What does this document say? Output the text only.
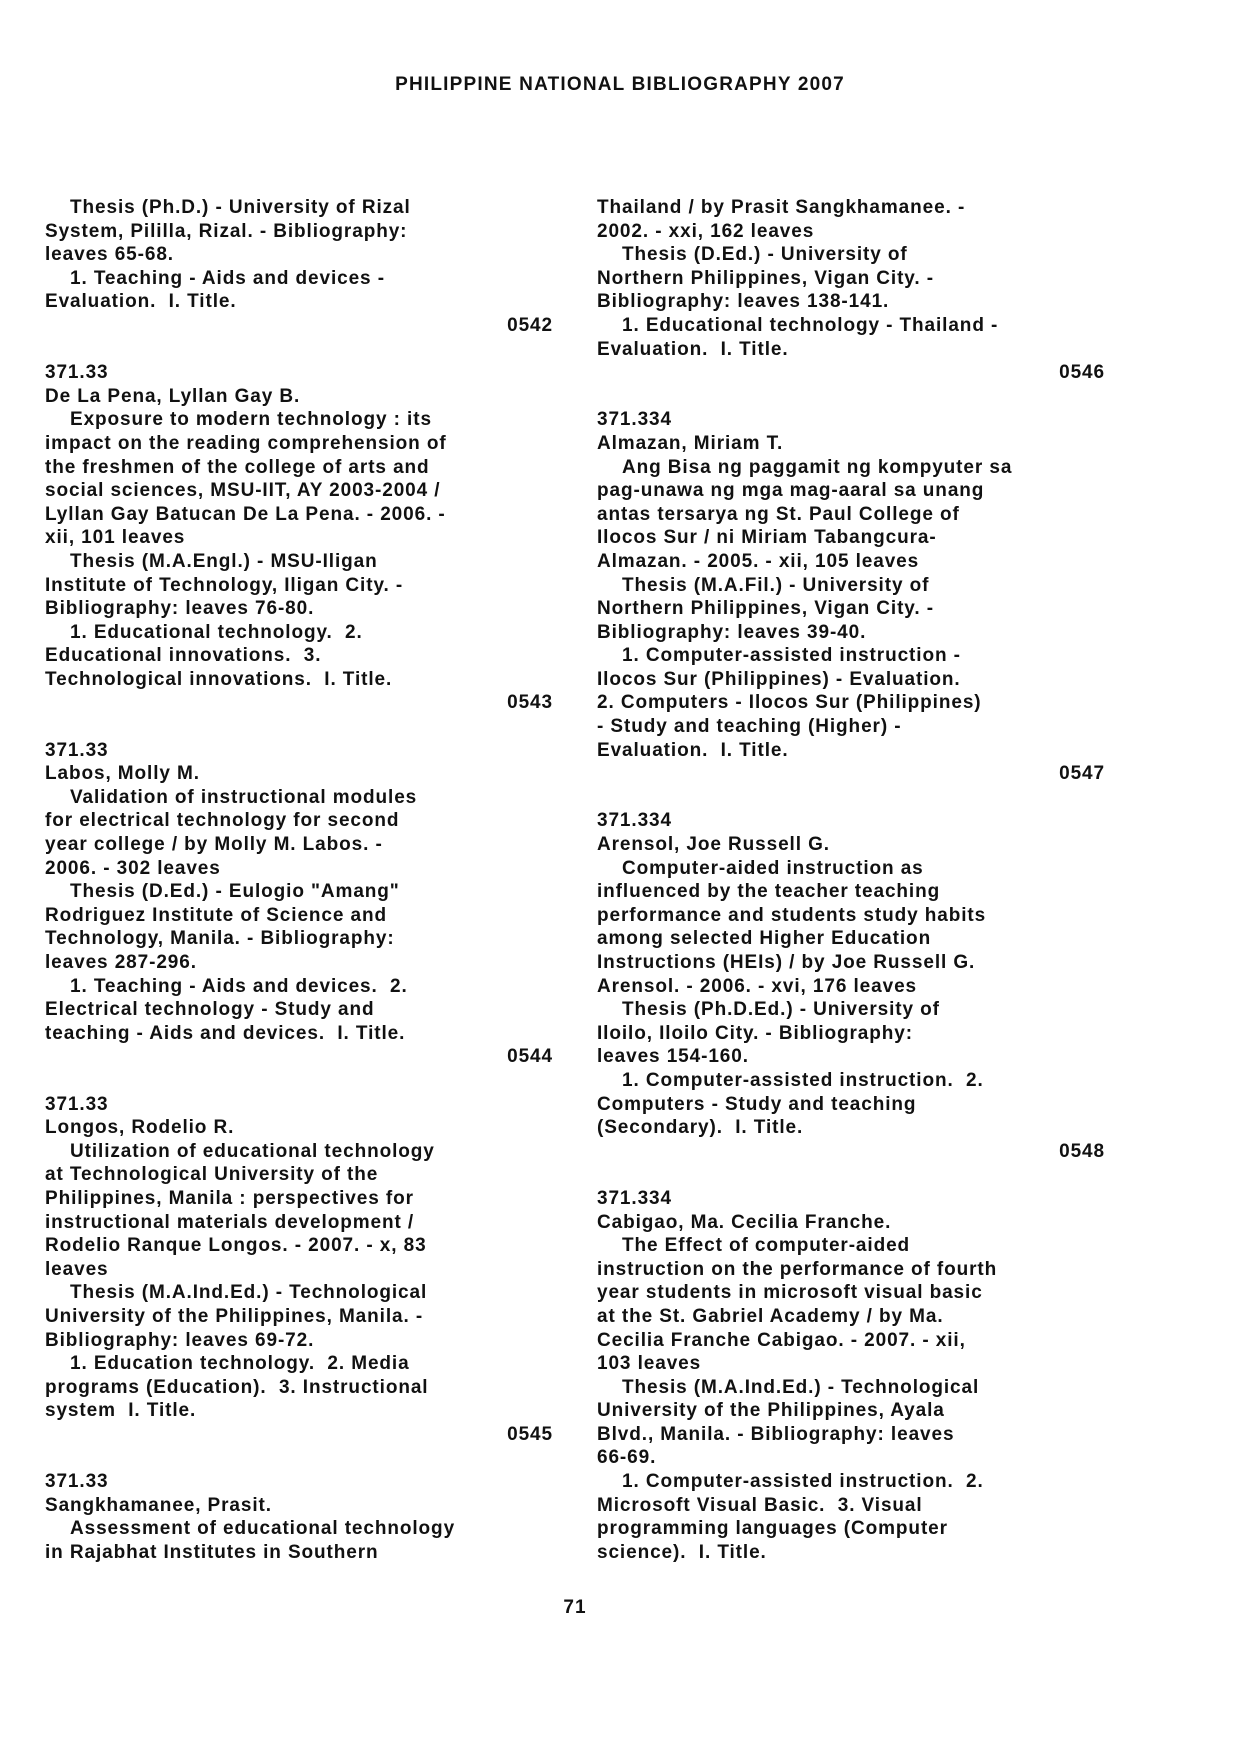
PHILIPPINE NATIONAL BIBLIOGRAPHY 2007
Thesis (Ph.D.) - University of Rizal
System, Pililla, Rizal. - Bibliography:
leaves 65-68.
1. Teaching - Aids and devices -
Evaluation.  I. Title.
0542
371.33
De La Pena, Lyllan Gay B.
Exposure to modern technology : its
impact on the reading comprehension of
the freshmen of the college of arts and
social sciences, MSU-IIT, AY 2003-2004 /
Lyllan Gay Batucan De La Pena. - 2006. -
xii, 101 leaves
Thesis (M.A.Engl.) - MSU-Iligan
Institute of Technology, Iligan City. -
Bibliography: leaves 76-80.
1. Educational technology.  2.
Educational innovations.  3.
Technological innovations.  I. Title.
0543
371.33
Labos, Molly M.
Validation of instructional modules
for electrical technology for second
year college / by Molly M. Labos. -
2006. - 302 leaves
Thesis (D.Ed.) - Eulogio "Amang"
Rodriguez Institute of Science and
Technology, Manila. - Bibliography:
leaves 287-296.
1. Teaching - Aids and devices.  2.
Electrical technology - Study and
teaching - Aids and devices.  I. Title.
0544
371.33
Longos, Rodelio R.
Utilization of educational technology
at Technological University of the
Philippines, Manila : perspectives for
instructional materials development /
Rodelio Ranque Longos. - 2007. - x, 83
leaves
Thesis (M.A.Ind.Ed.) - Technological
University of the Philippines, Manila. -
Bibliography: leaves 69-72.
1. Education technology.  2. Media
programs (Education).  3. Instructional
system  I. Title.
0545
371.33
Sangkhamanee, Prasit.
Assessment of educational technology
in Rajabhat Institutes in Southern
Thailand / by Prasit Sangkhamanee. -
2002. - xxi, 162 leaves
Thesis (D.Ed.) - University of
Northern Philippines, Vigan City. -
Bibliography: leaves 138-141.
1. Educational technology - Thailand -
Evaluation.  I. Title.
0546
371.334
Almazan, Miriam T.
Ang Bisa ng paggamit ng kompyuter sa
pag-unawa ng mga mag-aaral sa unang
antas tersarya ng St. Paul College of
Ilocos Sur / ni Miriam Tabangcura-
Almazan. - 2005. - xii, 105 leaves
Thesis (M.A.Fil.) - University of
Northern Philippines, Vigan City. -
Bibliography: leaves 39-40.
1. Computer-assisted instruction -
Ilocos Sur (Philippines) - Evaluation.
2. Computers - Ilocos Sur (Philippines)
- Study and teaching (Higher) -
Evaluation.  I. Title.
0547
371.334
Arensol, Joe Russell G.
Computer-aided instruction as
influenced by the teacher teaching
performance and students study habits
among selected Higher Education
Instructions (HEIs) / by Joe Russell G.
Arensol. - 2006. - xvi, 176 leaves
Thesis (Ph.D.Ed.) - University of
Iloilo, Iloilo City. - Bibliography:
leaves 154-160.
1. Computer-assisted instruction.  2.
Computers - Study and teaching
(Secondary).  I. Title.
0548
371.334
Cabigao, Ma. Cecilia Franche.
The Effect of computer-aided
instruction on the performance of fourth
year students in microsoft visual basic
at the St. Gabriel Academy / by Ma.
Cecilia Franche Cabigao. - 2007. - xii,
103 leaves
Thesis (M.A.Ind.Ed.) - Technological
University of the Philippines, Ayala
Blvd., Manila. - Bibliography: leaves
66-69.
1. Computer-assisted instruction.  2.
Microsoft Visual Basic.  3. Visual
programming languages (Computer
science).  I. Title.
71
